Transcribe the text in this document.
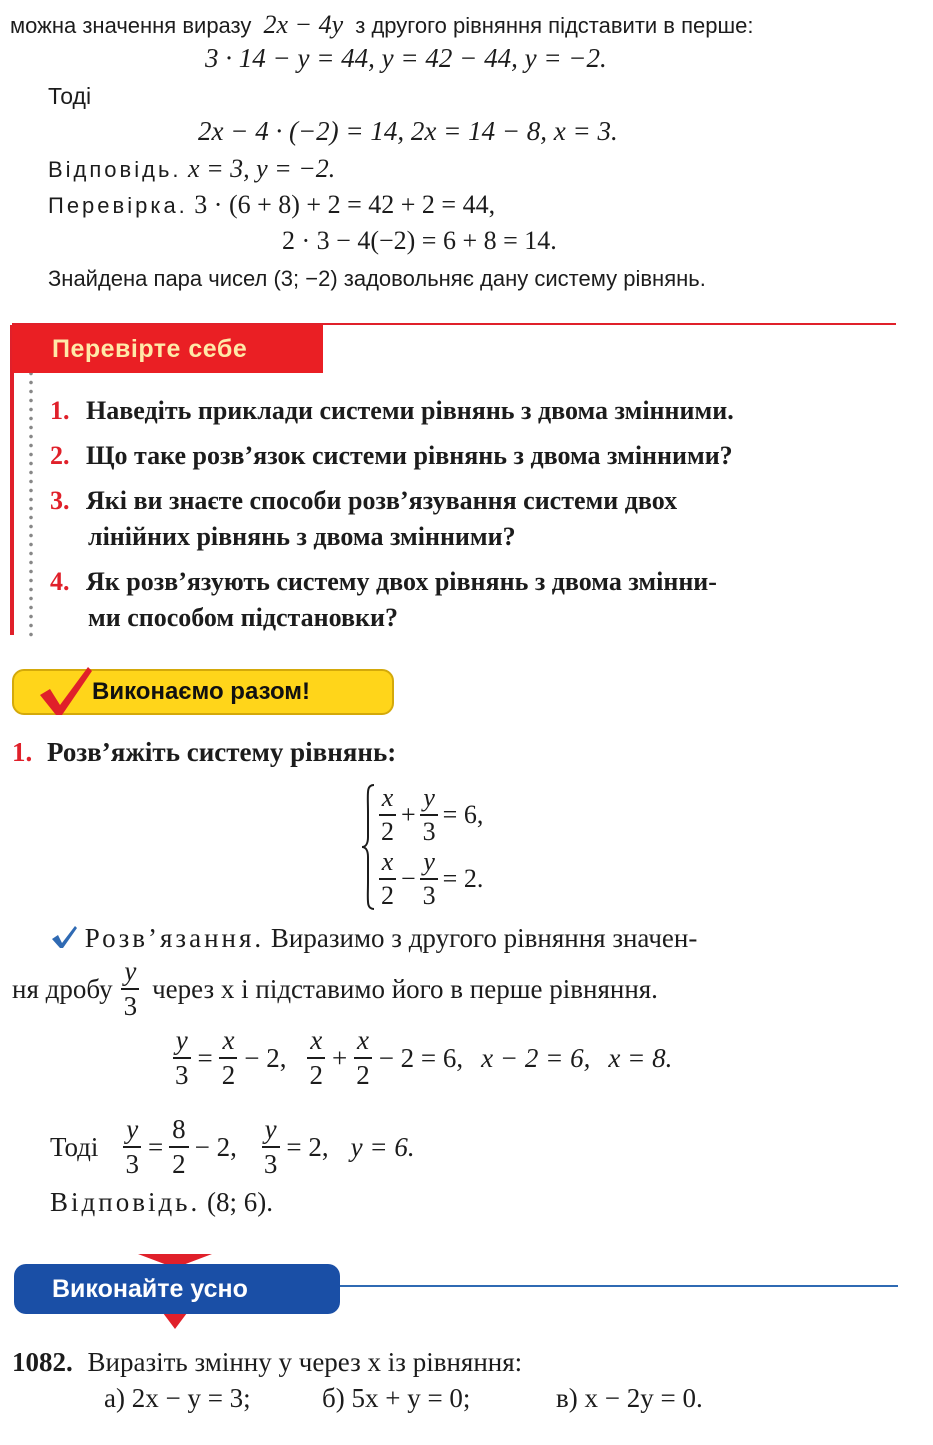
можна значення виразу 2x − 4y з другого рівняння підставити в перше:
3 · 14 − y = 44, y = 42 − 44, y = −2.
Тоді
2x − 4 · (−2) = 14, 2x = 14 − 8, x = 3.
Відповідь. x = 3, y = −2.
Перевірка. 3 · (6 + 8) + 2 = 42 + 2 = 44,
2 · 3 − 4(−2) = 6 + 8 = 14.
Знайдена пара чисел (3; −2) задовольняє дану систему рівнянь.
Перевірте себе
1. Наведіть приклади системи рівнянь з двома змінними.
2. Що таке розв’язок системи рівнянь з двома змінними?
3. Які ви знаєте способи розв’язування системи двох
лінійних рівнянь з двома змінними?
4. Як розв’язують систему двох рівнянь з двома змінни-
ми способом підстановки?
Виконаємо разом!
1. Розв’яжіть систему рівнянь:
$\frac{x}{2} + \frac{y}{3} = 6$,
$\frac{x}{2} - \frac{y}{3} = 2$.
Розв’язання. Виразимо з другого рівняння значен-
ня дробу $\frac{y}{3}$ через x і підставимо його в перше рівняння.
$\frac{y}{3} = \frac{x}{2} - 2$, $\frac{x}{2} + \frac{x}{2} - 2 = 6$, x − 2 = 6, x = 8.
Тоді $\frac{y}{3} = \frac{8}{2} - 2$, $\frac{y}{3} = 2$, y = 6.
Відповідь. (8; 6).
Виконайте усно
1082. Виразіть змінну y через x із рівняння:
а) 2x − y = 3;	б) 5x + y = 0;	в) x − 2y = 0.
